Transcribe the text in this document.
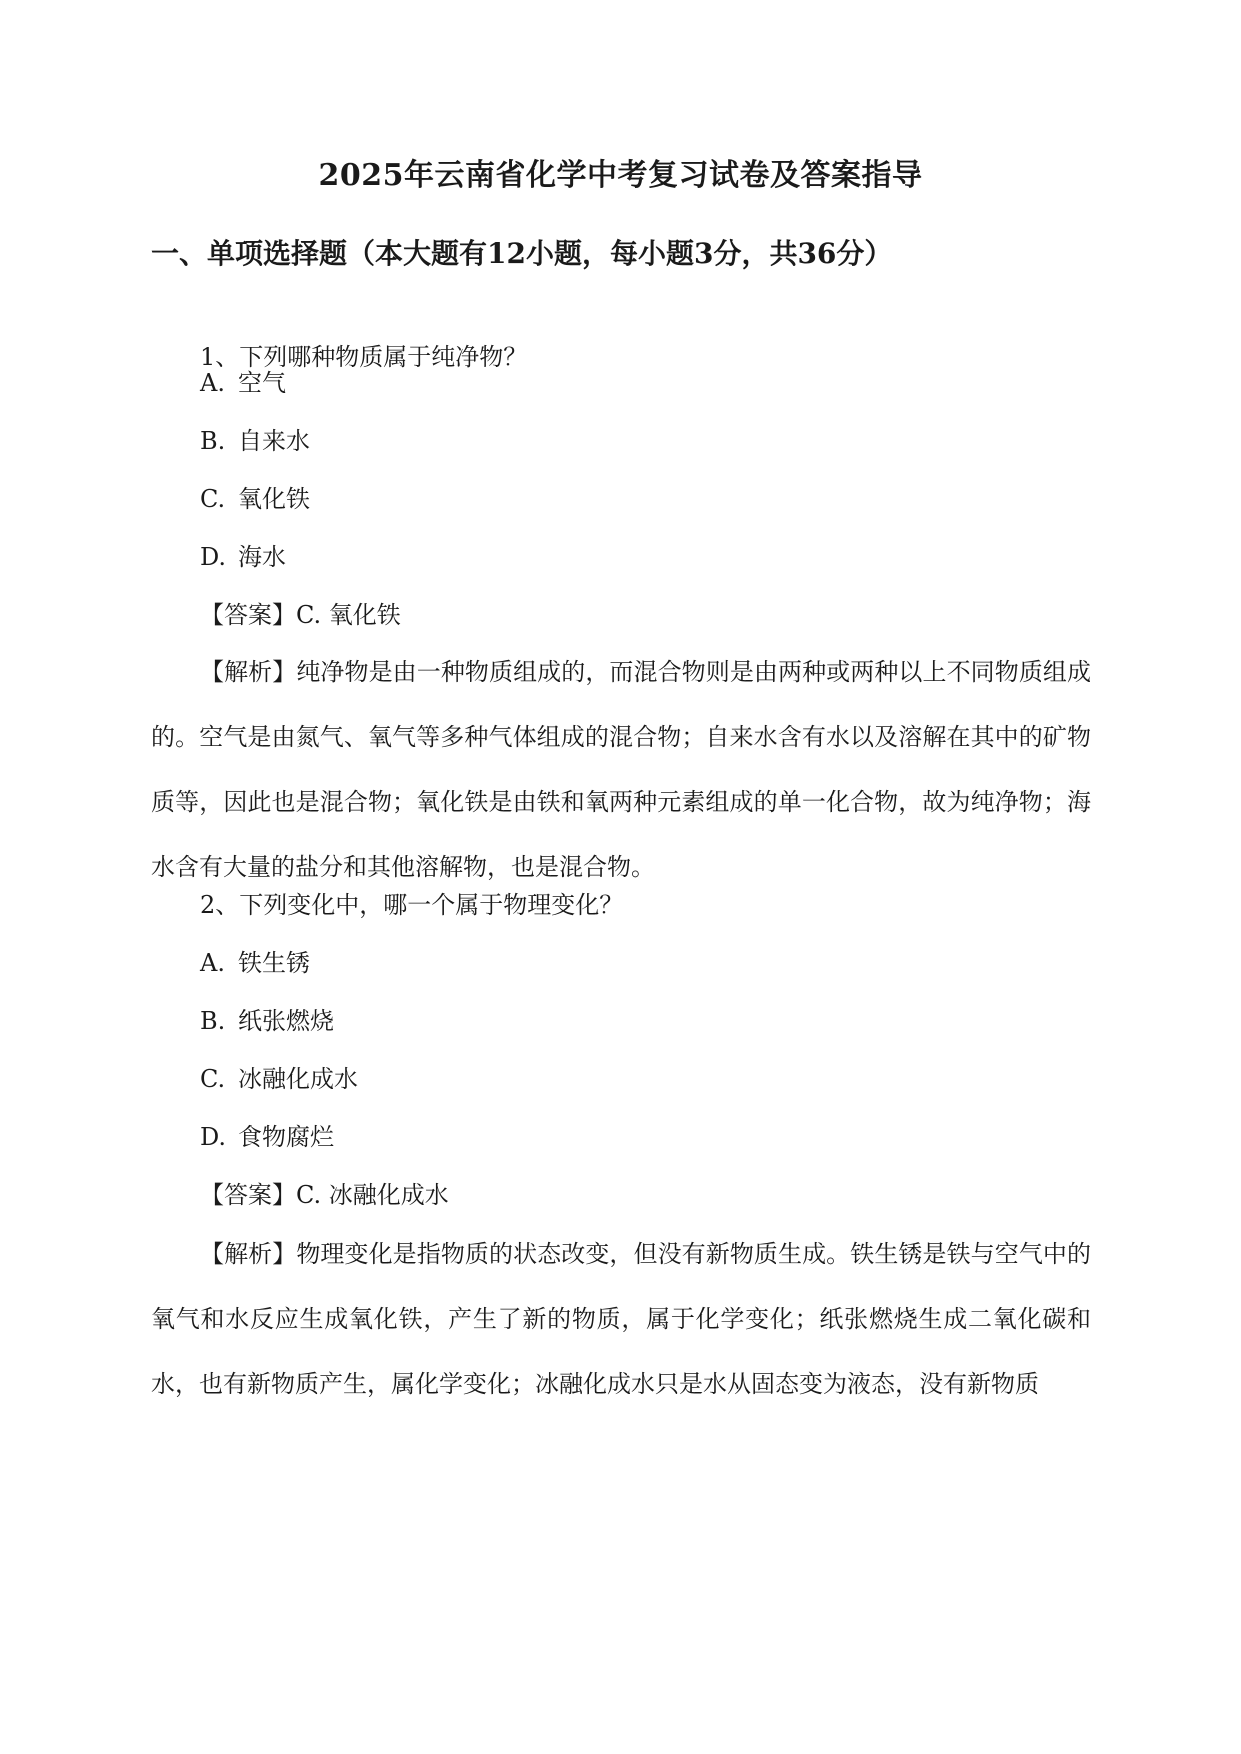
2025年云南省化学中考复习试卷及答案指导
一、单项选择题（本大题有12小题，每小题3分，共36分）
1、下列哪种物质属于纯净物？
A. 空气
B. 自来水
C. 氧化铁
D. 海水
【答案】C. 氧化铁
【解析】纯净物是由一种物质组成的，而混合物则是由两种或两种以上不同物质组成的。空气是由氮气、氧气等多种气体组成的混合物；自来水含有水以及溶解在其中的矿物质等，因此也是混合物；氧化铁是由铁和氧两种元素组成的单一化合物，故为纯净物；海水含有大量的盐分和其他溶解物，也是混合物。
2、下列变化中，哪一个属于物理变化？
A. 铁生锈
B. 纸张燃烧
C. 冰融化成水
D. 食物腐烂
【答案】C. 冰融化成水
【解析】物理变化是指物质的状态改变，但没有新物质生成。铁生锈是铁与空气中的氧气和水反应生成氧化铁，产生了新的物质，属于化学变化；纸张燃烧生成二氧化碳和水，也有新物质产生，属化学变化；冰融化成水只是水从固态变为液态，没有新物质
